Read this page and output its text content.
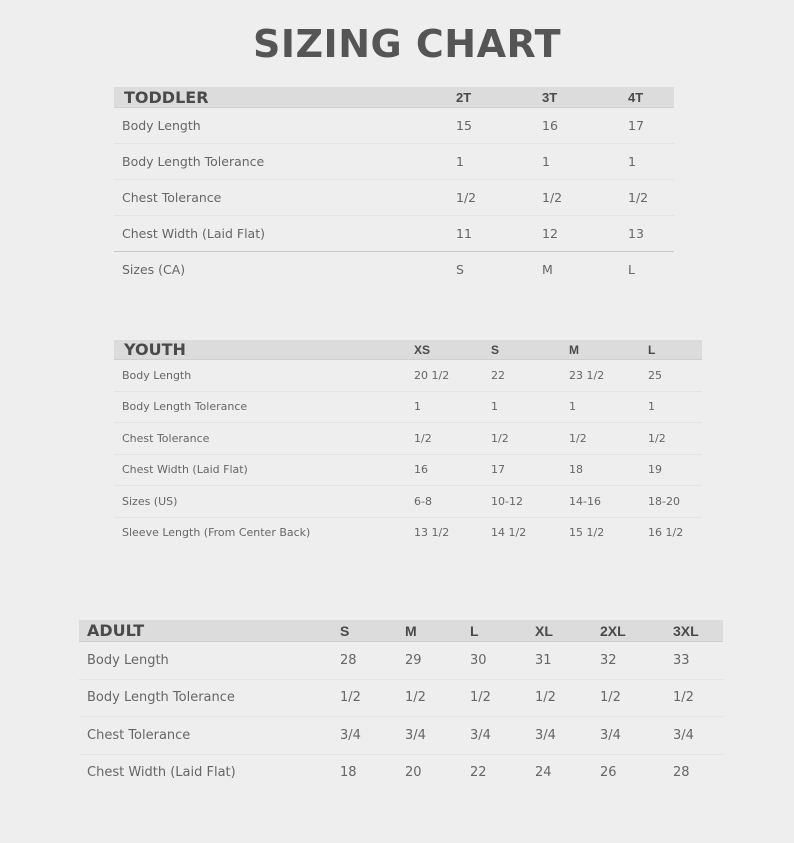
SIZING CHART
TODDLER	2T	3T	4T
Body Length	15	16	17
Body Length Tolerance	1	1	1
Chest Tolerance	1/2	1/2	1/2
Chest Width (Laid Flat)	11	12	13
Sizes (CA)	S	M	L
YOUTH	XS	S	M	L
Body Length	20 1/2	22	23 1/2	25
Body Length Tolerance	1	1	1	1
Chest Tolerance	1/2	1/2	1/2	1/2
Chest Width (Laid Flat)	16	17	18	19
Sizes (US)	6-8	10-12	14-16	18-20
Sleeve Length (From Center Back)	13 1/2	14 1/2	15 1/2	16 1/2
ADULT	S	M	L	XL	2XL	3XL
Body Length	28	29	30	31	32	33
Body Length Tolerance	1/2	1/2	1/2	1/2	1/2	1/2
Chest Tolerance	3/4	3/4	3/4	3/4	3/4	3/4
Chest Width (Laid Flat)	18	20	22	24	26	28
